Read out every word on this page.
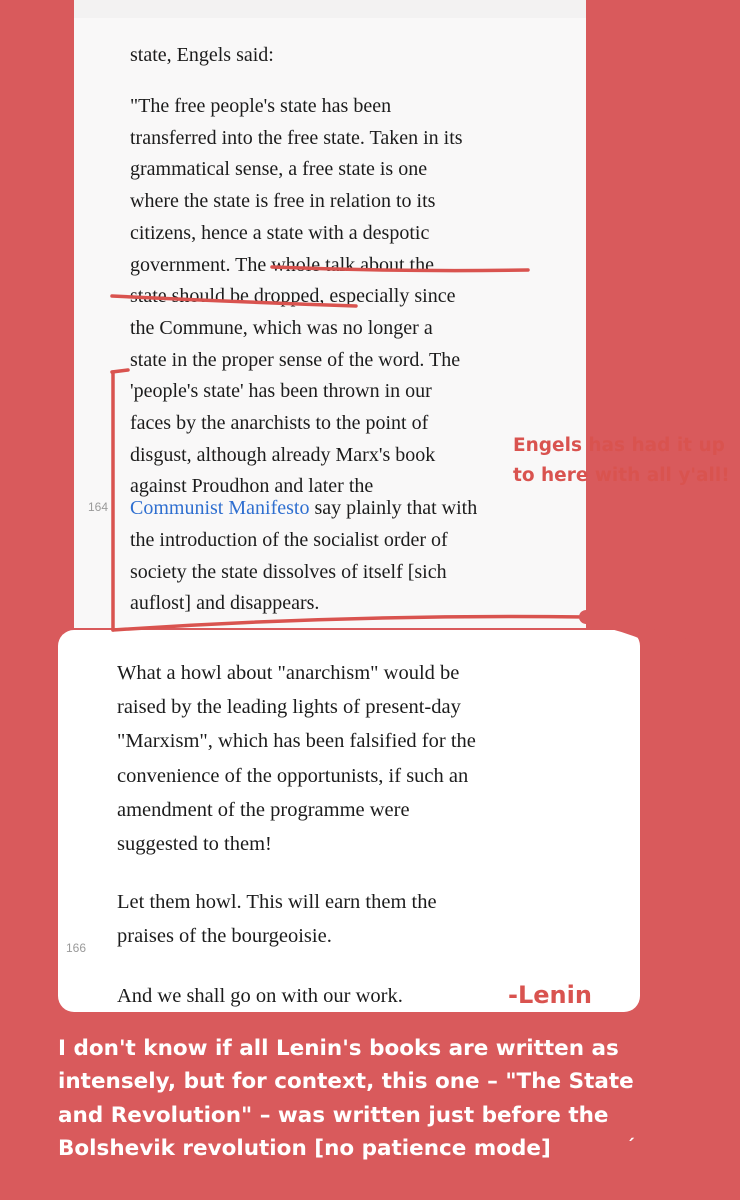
state, Engels said:

"The free people's state has been

transferred into the free state. Taken in its

grammatical sense, a free state is one

where the state is free in relation to its

citizens, hence a state with a despotic

government. The whole talk about the

state should be dropped, especially since

the Commune, which was no longer a

state in the proper sense of the word. The

'people's state' has been thrown in our

faces by the anarchists to the point of

disgust, although already Marx's book

against Proudhon and later the

Communist Manifesto say plainly that with

the introduction of the socialist order of

society the state dissolves of itself [sich

auflost] and disappears.

164

What a howl about "anarchism" would be
raised by the leading lights of present-day
"Marxism", which has been falsified for the
convenience of the opportunists, if such an
amendment of the programme were
suggested to them!

Let them howl. This will earn them the
praises of the bourgeoisie.

And we shall go on with our work.

166

Engels has had it up
to here with all y'all!

-Lenin

I don't know if all Lenin's books are written as
intensely, but for context, this one – "The State
and Revolution" – was written just before the
Bolshevik revolution [no patience mode]	´
